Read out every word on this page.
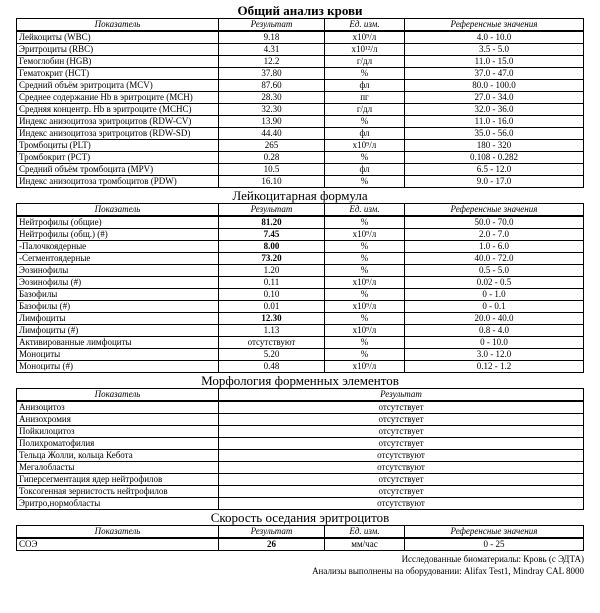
Общий анализ крови
Показатель	Результат	Ед. изм.	Референсные значения
Лейкоциты (WBC)	9.18	x10⁹/л	4.0 - 10.0
Эритроциты (RBC)	4.31	x10¹²/л	3.5 - 5.0
Гемоглобин (HGB)	12.2	г/дл	11.0 - 15.0
Гематокрит (HCT)	37.80	%	37.0 - 47.0
Средний объём эритроцита (MCV)	87.60	фл	80.0 - 100.0
Среднее содержание Hb в эритроците (MCH)	28.30	пг	27.0 - 34.0
Средняя концентр. Hb в эритроците (MCHC)	32.30	г/дл	32.0 - 36.0
Индекс анизоцитоза эритроцитов (RDW-CV)	13.90	%	11.0 - 16.0
Индекс анизоцитоза эритроцитов (RDW-SD)	44.40	фл	35.0 - 56.0
Тромбоциты (PLT)	265	x10⁹/л	180 - 320
Тромбокрит (PCT)	0.28	%	0.108 - 0.282
Средний объём тромбоцита (MPV)	10.5	фл	6.5 - 12.0
Индекс анизоцитоза тромбоцитов (PDW)	16.10	%	9.0 - 17.0
Лейкоцитарная формула
Показатель	Результат	Ед. изм.	Референсные значения
Нейтрофилы (общие)	81.20	%	50.0 - 70.0
Нейтрофилы (общ.) (#)	7.45	x10⁹/л	2.0 - 7.0
-Палочкоядерные	8.00	%	1.0 - 6.0
-Сегментоядерные	73.20	%	40.0 - 72.0
Эозинофилы	1.20	%	0.5 - 5.0
Эозинофилы (#)	0.11	x10⁹/л	0.02 - 0.5
Базофилы	0.10	%	0 - 1.0
Базофилы (#)	0.01	x10⁹/л	0 - 0.1
Лимфоциты	12.30	%	20.0 - 40.0
Лимфоциты (#)	1.13	x10⁹/л	0.8 - 4.0
Активированные лимфоциты	отсутствуют	%	0 - 10.0
Моноциты	5.20	%	3.0 - 12.0
Моноциты (#)	0.48	x10⁹/л	0.12 - 1.2
Морфология форменных элементов
Показатель	Результат
Анизоцитоз	отсутствует
Анизохромия	отсутствует
Пойкилоцитоз	отсутствует
Полихроматофилия	отсутствует
Тельца Жолли, кольца Кебота	отсутствуют
Мегалобласты	отсутствуют
Гиперсегментация ядер нейтрофилов	отсутствует
Токсогенная зернистость нейтрофилов	отсутствует
Эритро,нормобласты	отсутствуют
Скорость оседания эритроцитов
Показатель	Результат	Ед. изм.	Референсные значения
СОЭ	26	мм/час	0 - 25
Исследованные биоматериалы: Кровь (с ЭДТА)
Анализы выполнены на оборудовании: Alifax Test1, Mindray CAL 8000
